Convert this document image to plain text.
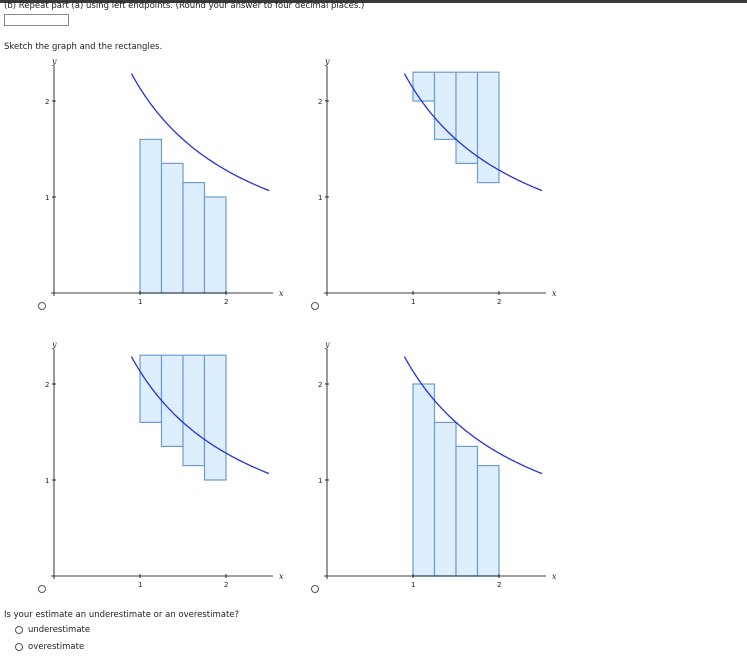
(b) Repeat part (a) using left endpoints. (Round your answer to four decimal places.)
Sketch the graph and the rectangles.
1	2
1
2
x
y
1	2
1
2
x
y
1	2
1
2
x
y
1	2
1
2
x
y
Is your estimate an underestimate or an overestimate?
underestimate
overestimate
